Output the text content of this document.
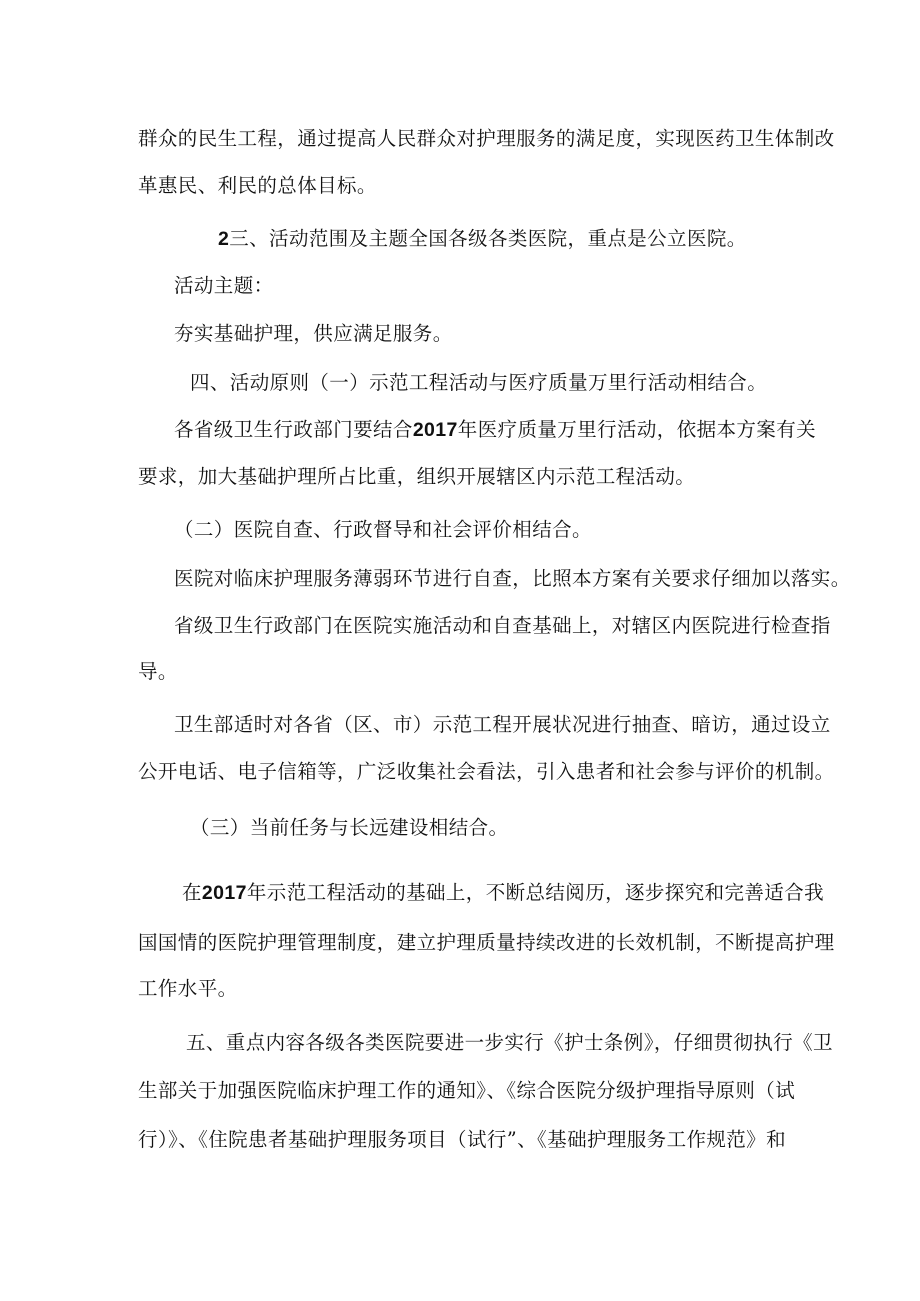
群众的民生工程，通过提高人民群众对护理服务的满足度，实现医药卫生体制改
革惠民、利民的总体目标。
2三、活动范围及主题全国各级各类医院，重点是公立医院。
活动主题：
夯实基础护理，供应满足服务。
四、活动原则（一）示范工程活动与医疗质量万里行活动相结合。
各省级卫生行政部门要结合2017年医疗质量万里行活动，依据本方案有关
要求，加大基础护理所占比重，组织开展辖区内示范工程活动。
（二）医院自查、行政督导和社会评价相结合。
医院对临床护理服务薄弱环节进行自查，比照本方案有关要求仔细加以落实。
省级卫生行政部门在医院实施活动和自查基础上，对辖区内医院进行检查指
导。
卫生部适时对各省（区、市）示范工程开展状况进行抽查、暗访，通过设立
公开电话、电子信箱等，广泛收集社会看法，引入患者和社会参与评价的机制。
（三）当前任务与长远建设相结合。
在2017年示范工程活动的基础上，不断总结阅历，逐步探究和完善适合我
国国情的医院护理管理制度，建立护理质量持续改进的长效机制，不断提高护理
工作水平。
五、重点内容各级各类医院要进一步实行《护士条例》，仔细贯彻执行《卫
生部关于加强医院临床护理工作的通知》、《综合医院分级护理指导原则（试
行）》、《住院患者基础护理服务项目（试行”、《基础护理服务工作规范》和
